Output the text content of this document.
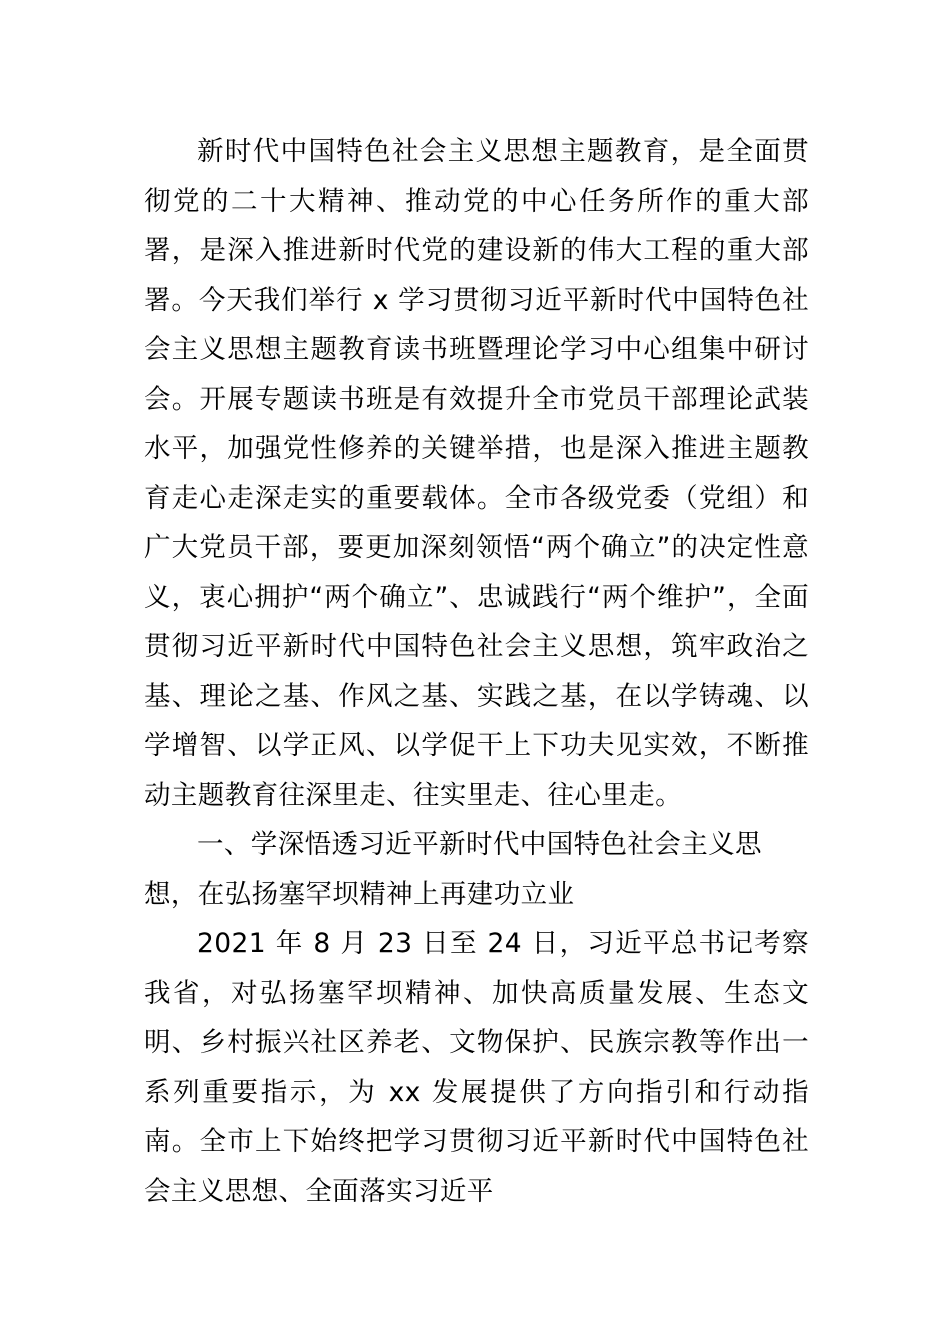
新时代中国特色社会主义思想主题教育，是全面贯彻党的二十大精神、推动党的中心任务所作的重大部署，是深入推进新时代党的建设新的伟大工程的重大部署。今天我们举行 x 学习贯彻习近平新时代中国特色社会主义思想主题教育读书班暨理论学习中心组集中研讨会。开展专题读书班是有效提升全市党员干部理论武装水平，加强党性修养的关键举措，也是深入推进主题教育走心走深走实的重要载体。全市各级党委（党组）和广大党员干部，要更加深刻领悟“两个确立”的决定性意义，衷心拥护“两个确立”、忠诚践行“两个维护”，全面贯彻习近平新时代中国特色社会主义思想，筑牢政治之基、理论之基、作风之基、实践之基，在以学铸魂、以学增智、以学正风、以学促干上下功夫见实效，不断推动主题教育往深里走、往实里走、往心里走。

一、学深悟透习近平新时代中国特色社会主义思想，在弘扬塞罕坝精神上再建功立业

2021 年 8 月 23 日至 24 日，习近平总书记考察我省，对弘扬塞罕坝精神、加快高质量发展、生态文明、乡村振兴社区养老、文物保护、民族宗教等作出一系列重要指示，为 xx 发展提供了方向指引和行动指南。全市上下始终把学习贯彻习近平新时代中国特色社会主义思想、全面落实习近平
